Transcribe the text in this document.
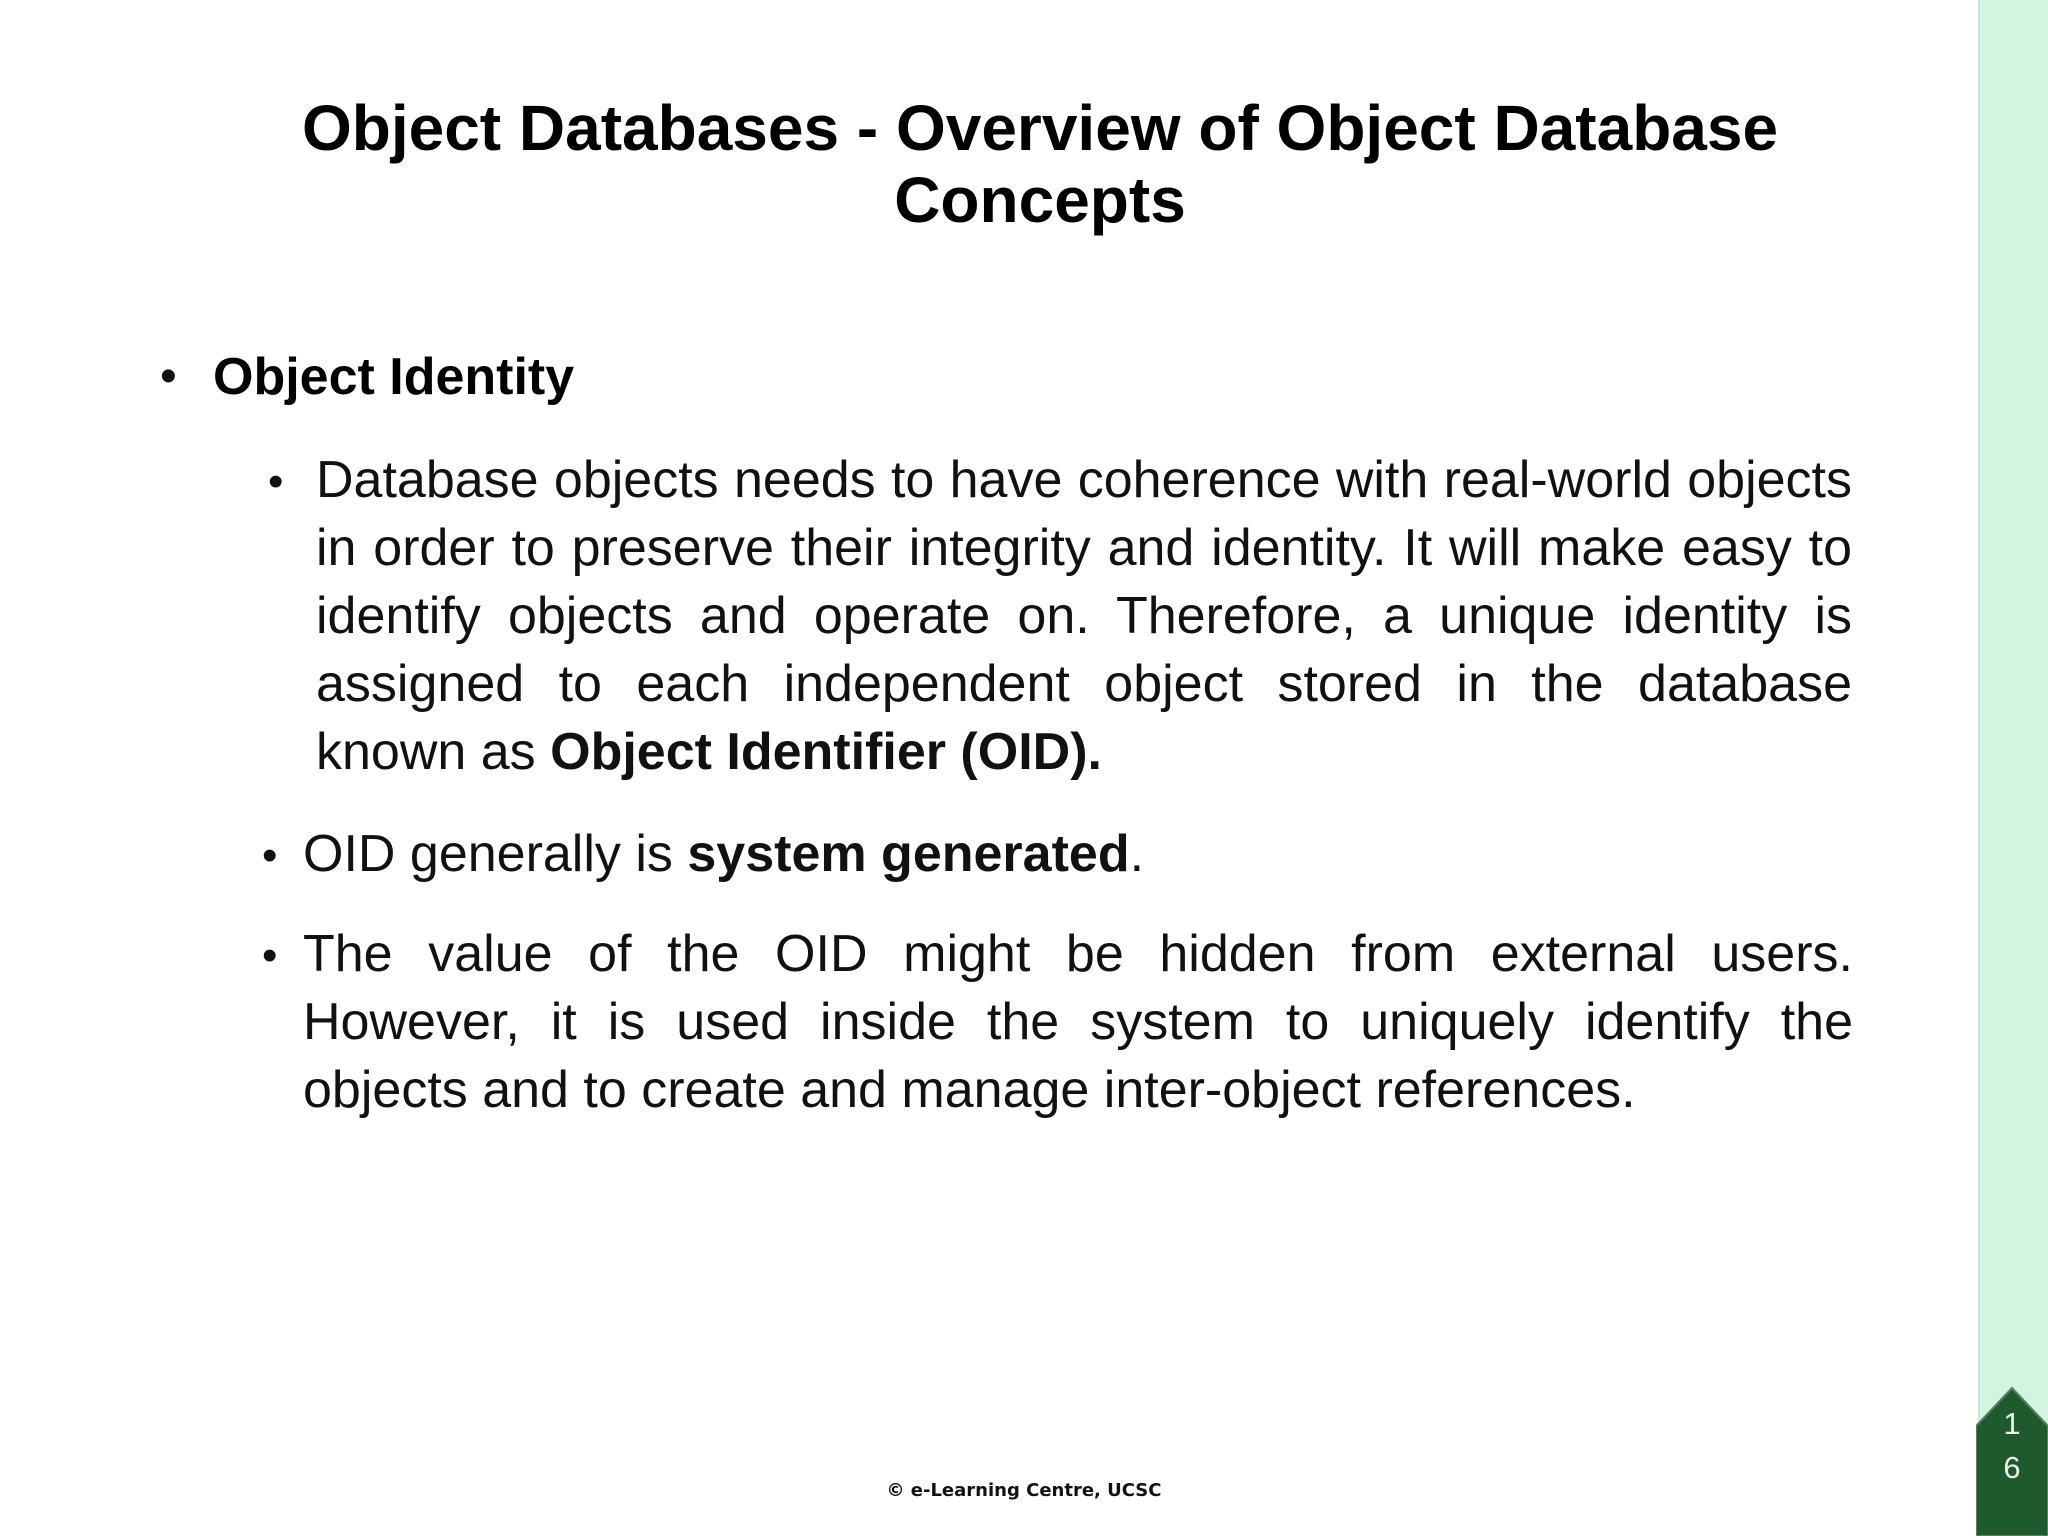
1
6
Object Databases - Overview of Object Database
Concepts
• Object Identity
• Database objects needs to have coherence with real-world objects in order to preserve their integrity and identity. It will make easy to identify objects and operate on. Therefore, a unique identity is assigned to each independent object stored in the database known as Object Identifier (OID).
• OID generally is system generated.
• The value of the OID might be hidden from external users. However, it is used inside the system to uniquely identify the objects and to create and manage inter-object references.
© e-Learning Centre, UCSC
